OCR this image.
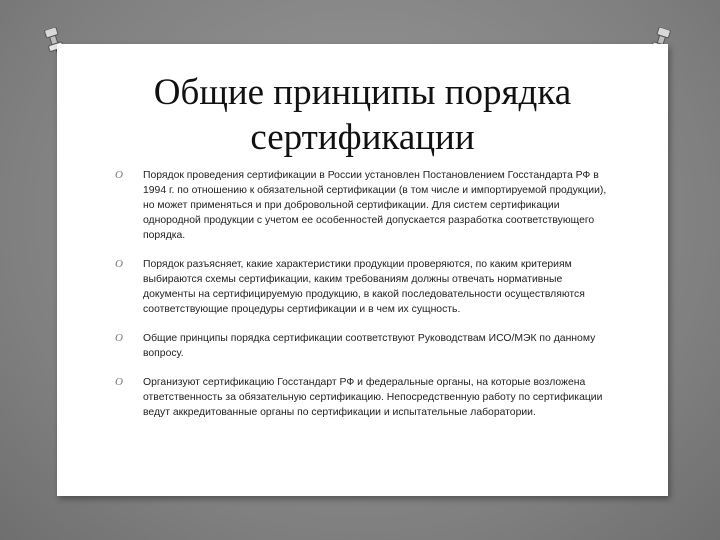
Общие принципы порядка
сертификации
O Порядок проведения сертификации в России установлен Постановлением Госстандарта РФ в 1994 г. по отношению к обязательной сертификации (в том числе и импортируемой продукции), но может применяться и при добровольной сертификации. Для систем сертификации однородной продукции с учетом ее особенностей допускается разработка соответствующего порядка.
O Порядок разъясняет, какие характеристики продукции проверяются, по каким критериям выбираются схемы сертификации, каким требованиям должны отвечать нормативные документы на сертифицируемую продукцию, в какой последовательности осуществляются соответствующие процедуры сертификации и в чем их сущность.
O Общие принципы порядка сертификации соответствуют Руководствам ИСО/МЭК по данному вопросу.
O Организуют сертификацию Госстандарт РФ и федеральные органы, на которые возложена ответственность за обязательную сертификацию. Непосредственную работу по сертификации ведут аккредитованные органы по сертификации и испытательные лаборатории.
